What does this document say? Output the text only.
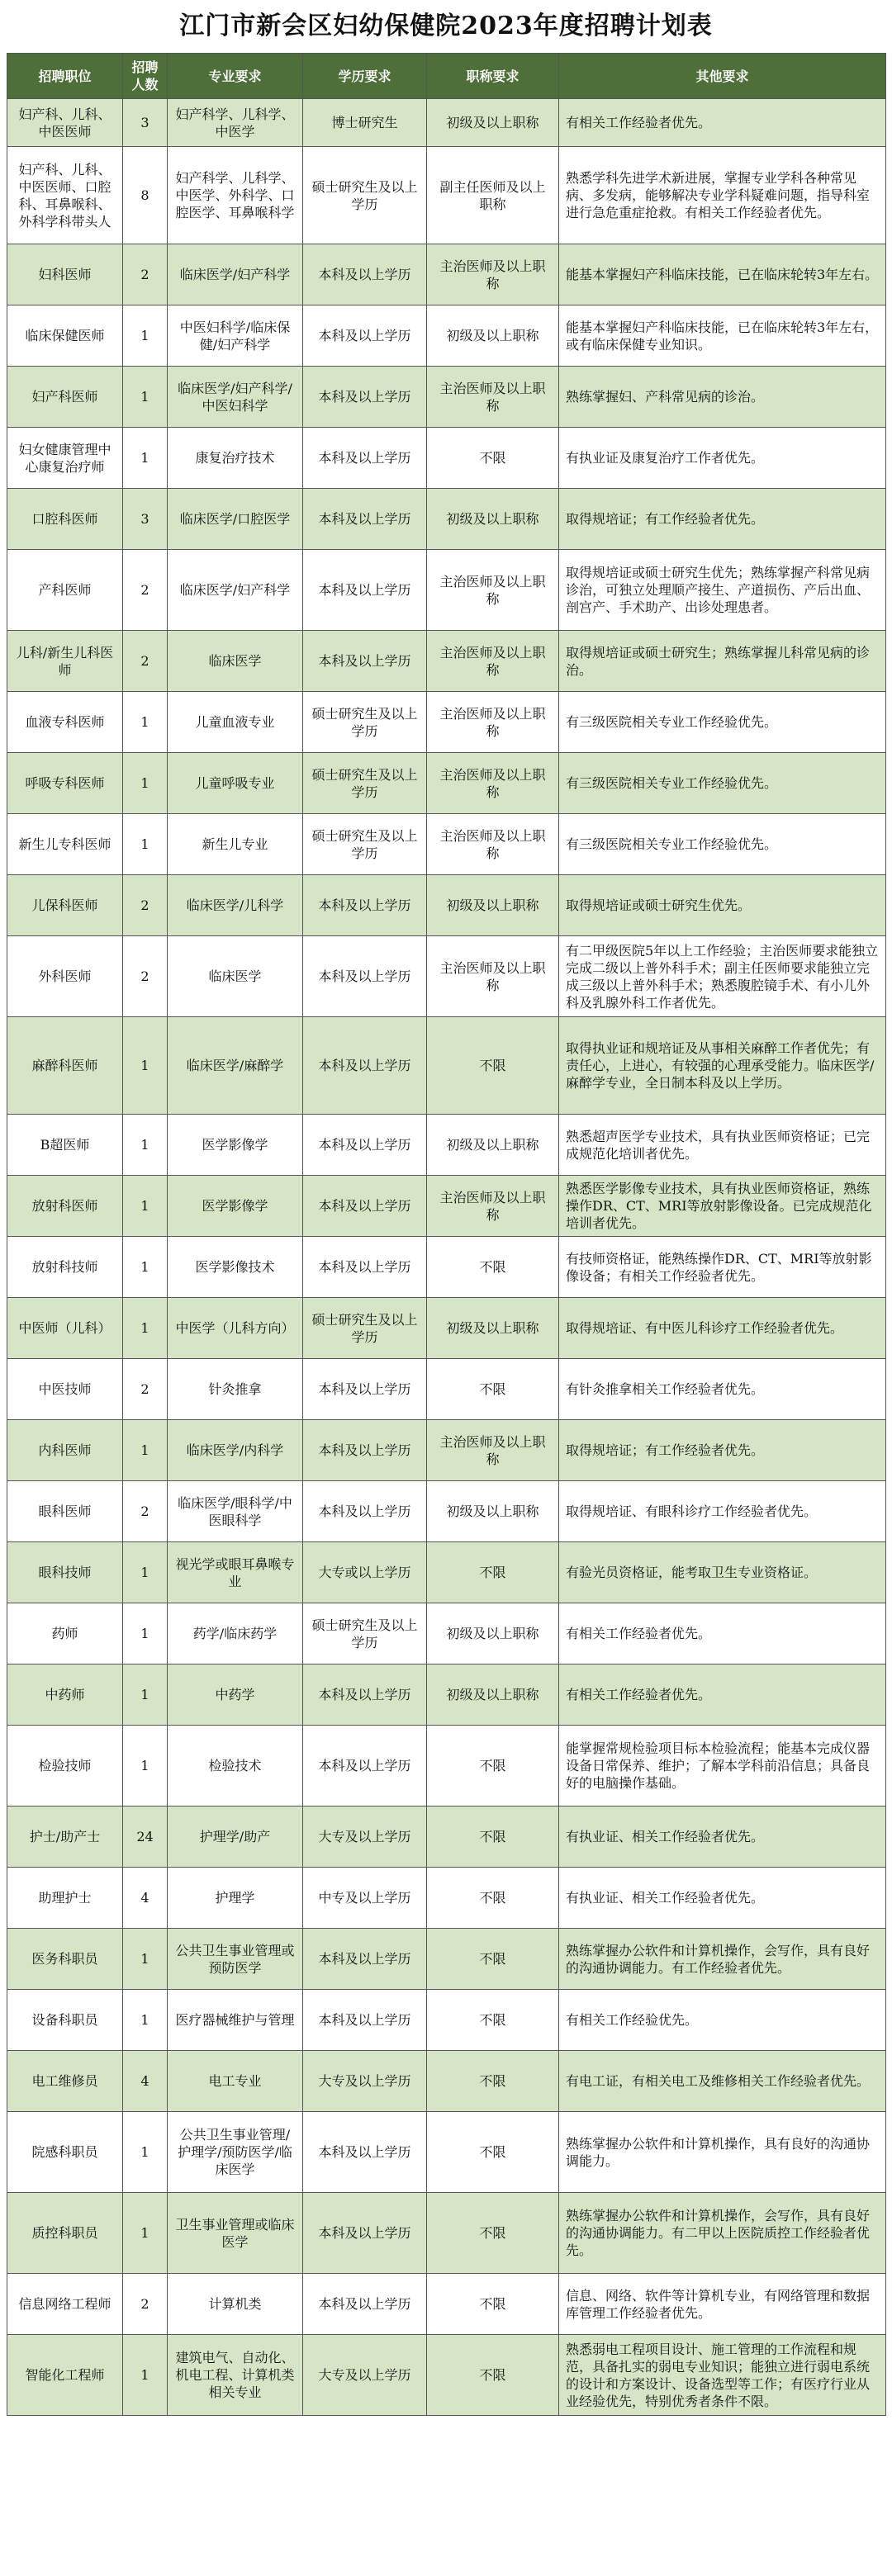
江门市新会区妇幼保健院2023年度招聘计划表
招聘职位	招聘人数	专业要求	学历要求	职称要求	其他要求
妇产科、儿科、中医医师	3	妇产科学、儿科学、中医学	博士研究生	初级及以上职称	有相关工作经验者优先。
妇产科、儿科、中医医师、口腔科、耳鼻喉科、外科学科带头人	8	妇产科学、儿科学、中医学、外科学、口腔医学、耳鼻喉科学	硕士研究生及以上学历	副主任医师及以上职称	熟悉学科先进学术新进展，掌握专业学科各种常见病、多发病，能够解决专业学科疑难问题，指导科室进行急危重症抢救。有相关工作经验者优先。
妇科医师	2	临床医学/妇产科学	本科及以上学历	主治医师及以上职称	能基本掌握妇产科临床技能，已在临床轮转3年左右。
临床保健医师	1	中医妇科学/临床保健/妇产科学	本科及以上学历	初级及以上职称	能基本掌握妇产科临床技能，已在临床轮转3年左右，或有临床保健专业知识。
妇产科医师	1	临床医学/妇产科学/中医妇科学	本科及以上学历	主治医师及以上职称	熟练掌握妇、产科常见病的诊治。
妇女健康管理中心康复治疗师	1	康复治疗技术	本科及以上学历	不限	有执业证及康复治疗工作者优先。
口腔科医师	3	临床医学/口腔医学	本科及以上学历	初级及以上职称	取得规培证；有工作经验者优先。
产科医师	2	临床医学/妇产科学	本科及以上学历	主治医师及以上职称	取得规培证或硕士研究生优先；熟练掌握产科常见病诊治，可独立处理顺产接生、产道损伤、产后出血、剖宫产、手术助产、出诊处理患者。
儿科/新生儿科医师	2	临床医学	本科及以上学历	主治医师及以上职称	取得规培证或硕士研究生；熟练掌握儿科常见病的诊治。
血液专科医师	1	儿童血液专业	硕士研究生及以上学历	主治医师及以上职称	有三级医院相关专业工作经验优先。
呼吸专科医师	1	儿童呼吸专业	硕士研究生及以上学历	主治医师及以上职称	有三级医院相关专业工作经验优先。
新生儿专科医师	1	新生儿专业	硕士研究生及以上学历	主治医师及以上职称	有三级医院相关专业工作经验优先。
儿保科医师	2	临床医学/儿科学	本科及以上学历	初级及以上职称	取得规培证或硕士研究生优先。
外科医师	2	临床医学	本科及以上学历	主治医师及以上职称	有二甲级医院5年以上工作经验；主治医师要求能独立完成二级以上普外科手术；副主任医师要求能独立完成三级以上普外科手术；熟悉腹腔镜手术、有小儿外科及乳腺外科工作者优先。
麻醉科医师	1	临床医学/麻醉学	本科及以上学历	不限	取得执业证和规培证及从事相关麻醉工作者优先；有责任心，上进心，有较强的心理承受能力。临床医学/麻醉学专业，全日制本科及以上学历。
B超医师	1	医学影像学	本科及以上学历	初级及以上职称	熟悉超声医学专业技术，具有执业医师资格证；已完成规范化培训者优先。
放射科医师	1	医学影像学	本科及以上学历	主治医师及以上职称	熟悉医学影像专业技术，具有执业医师资格证，熟练操作DR、CT、MRI等放射影像设备。已完成规范化培训者优先。
放射科技师	1	医学影像技术	本科及以上学历	不限	有技师资格证，能熟练操作DR、CT、MRI等放射影像设备；有相关工作经验者优先。
中医师（儿科）	1	中医学（儿科方向）	硕士研究生及以上学历	初级及以上职称	取得规培证、有中医儿科诊疗工作经验者优先。
中医技师	2	针灸推拿	本科及以上学历	不限	有针灸推拿相关工作经验者优先。
内科医师	1	临床医学/内科学	本科及以上学历	主治医师及以上职称	取得规培证；有工作经验者优先。
眼科医师	2	临床医学/眼科学/中医眼科学	本科及以上学历	初级及以上职称	取得规培证、有眼科诊疗工作经验者优先。
眼科技师	1	视光学或眼耳鼻喉专业	大专或以上学历	不限	有验光员资格证，能考取卫生专业资格证。
药师	1	药学/临床药学	硕士研究生及以上学历	初级及以上职称	有相关工作经验者优先。
中药师	1	中药学	本科及以上学历	初级及以上职称	有相关工作经验者优先。
检验技师	1	检验技术	本科及以上学历	不限	能掌握常规检验项目标本检验流程；能基本完成仪器设备日常保养、维护；了解本学科前沿信息；具备良好的电脑操作基础。
护士/助产士	24	护理学/助产	大专及以上学历	不限	有执业证、相关工作经验者优先。
助理护士	4	护理学	中专及以上学历	不限	有执业证、相关工作经验者优先。
医务科职员	1	公共卫生事业管理或预防医学	本科及以上学历	不限	熟练掌握办公软件和计算机操作，会写作，具有良好的沟通协调能力。有工作经验者优先。
设备科职员	1	医疗器械维护与管理	本科及以上学历	不限	有相关工作经验优先。
电工维修员	4	电工专业	大专及以上学历	不限	有电工证，有相关电工及维修相关工作经验者优先。
院感科职员	1	公共卫生事业管理/护理学/预防医学/临床医学	本科及以上学历	不限	熟练掌握办公软件和计算机操作，具有良好的沟通协调能力。
质控科职员	1	卫生事业管理或临床医学	本科及以上学历	不限	熟练掌握办公软件和计算机操作，会写作，具有良好的沟通协调能力。有二甲以上医院质控工作经验者优先。
信息网络工程师	2	计算机类	本科及以上学历	不限	信息、网络、软件等计算机专业，有网络管理和数据库管理工作经验者优先。
智能化工程师	1	建筑电气、自动化、机电工程、计算机类相关专业	大专及以上学历	不限	熟悉弱电工程项目设计、施工管理的工作流程和规范，具备扎实的弱电专业知识；能独立进行弱电系统的设计和方案设计、设备选型等工作；有医疗行业从业经验优先，特别优秀者条件不限。
